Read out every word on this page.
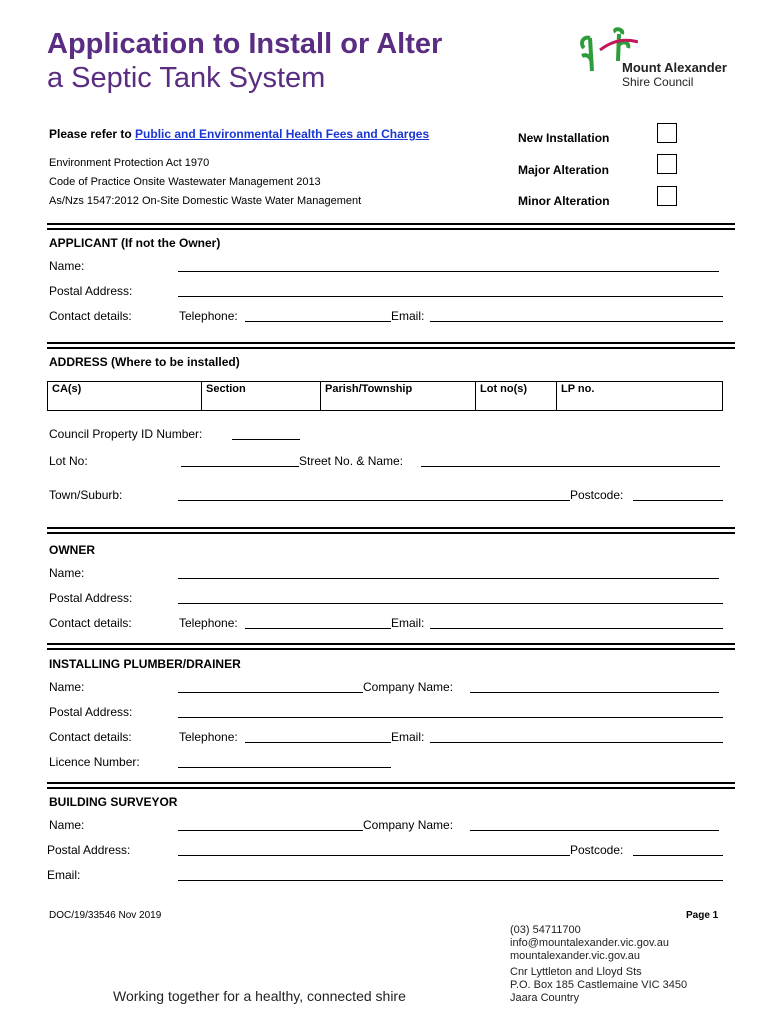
Application to Install or Alter
a Septic Tank System	Mount Alexander
Shire Council
Please refer to Public and Environmental Health Fees and Charges
Environment Protection Act 1970
Code of Practice Onsite Wastewater Management 2013
As/Nzs 1547:2012 On-Site Domestic Waste Water Management
New Installation
Major Alteration
Minor Alteration
APPLICANT (If not the Owner)
Name:
Postal Address:
Contact details:	Telephone:	Email:
ADDRESS (Where to be installed)
CA(s)	Section	Parish/Township	Lot no(s)	LP no.
Council Property ID Number:
Lot No:	Street No. & Name:
Town/Suburb:	Postcode:
OWNER
Name:
Postal Address:
Contact details:	Telephone:	Email:
INSTALLING PLUMBER/DRAINER
Name:	Company Name:
Postal Address:
Contact details:	Telephone:	Email:
Licence Number:
BUILDING SURVEYOR
Name:	Company Name:
Postal Address:	Postcode:
Email:
DOC/19/33546 Nov 2019	Page 1
(03) 54711700
info@mountalexander.vic.gov.au
mountalexander.vic.gov.au
Cnr Lyttleton and Lloyd Sts
P.O. Box 185 Castlemaine VIC 3450
Jaara Country
Working together for a healthy, connected shire
